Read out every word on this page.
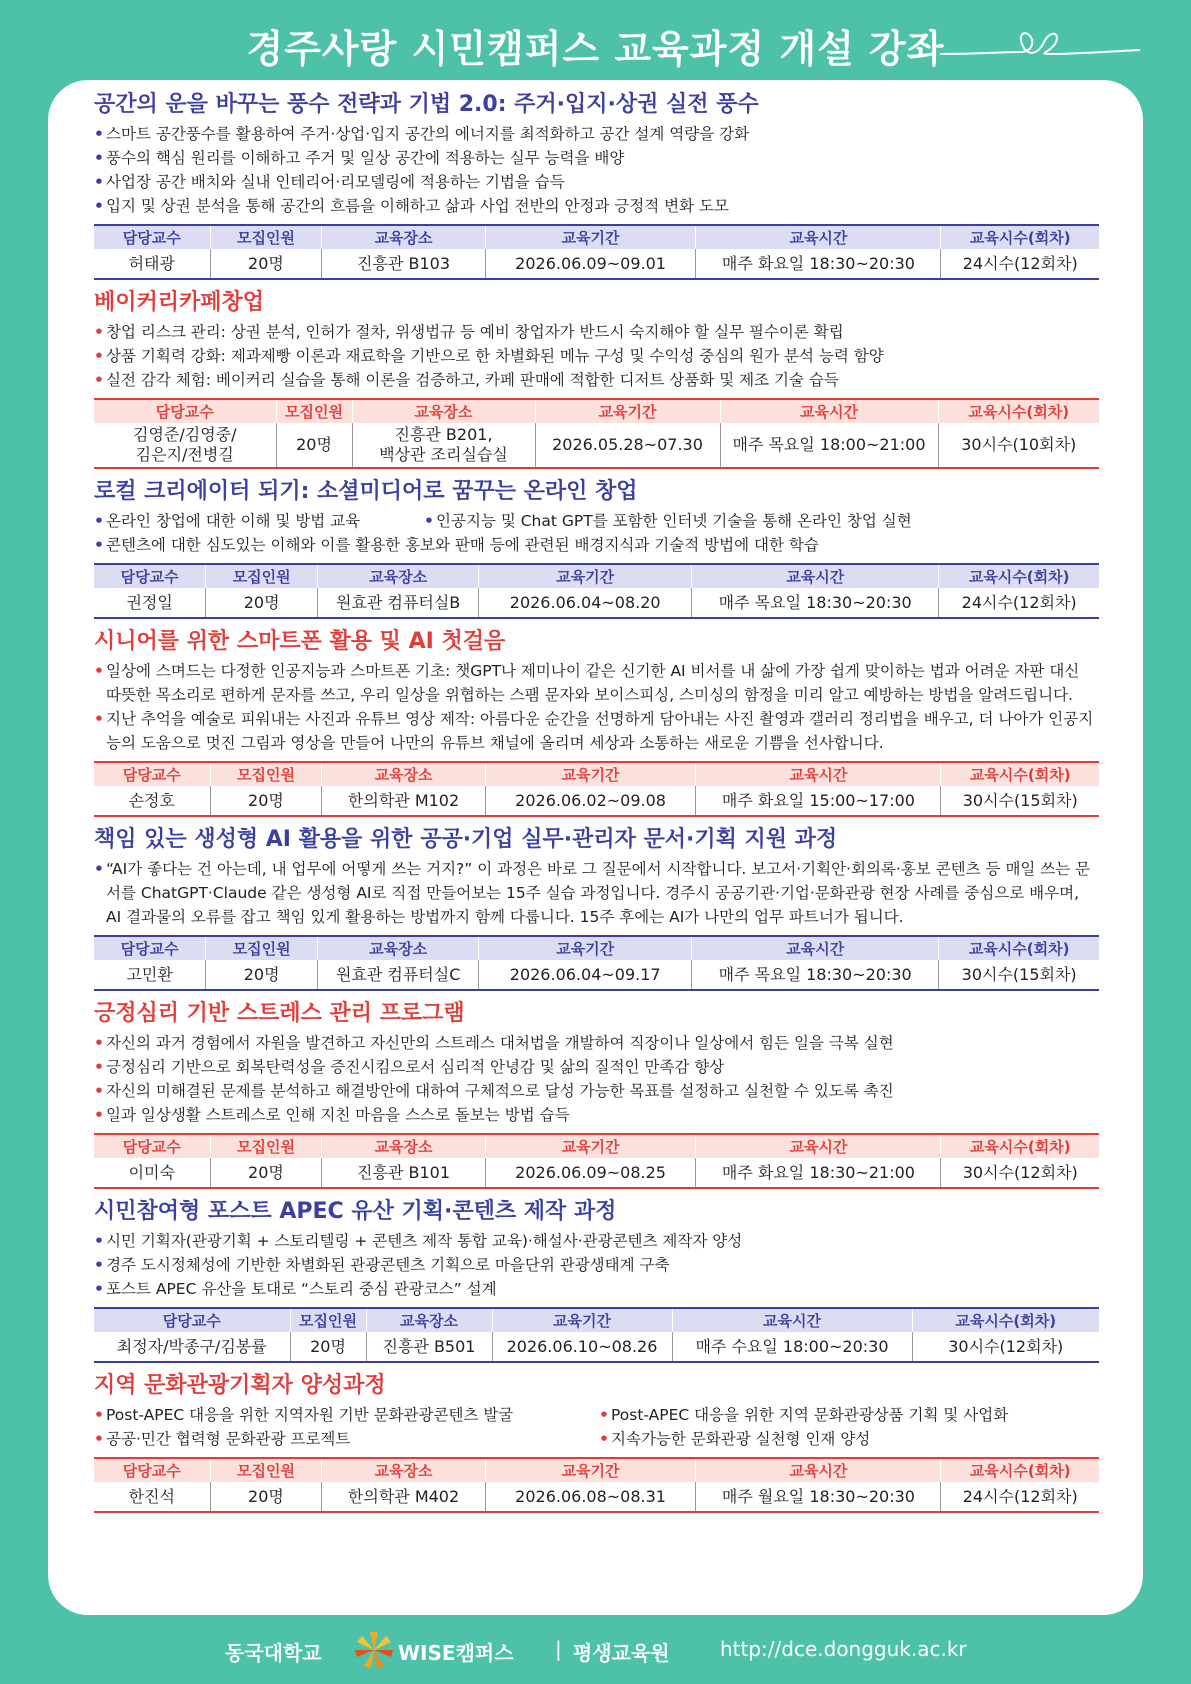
경주사랑 시민캠퍼스 교육과정 개설 강좌
공간의 운을 바꾸는 풍수 전략과 기법 2.0: 주거·입지·상권 실전 풍수
• 스마트 공간풍수를 활용하여 주거·상업·입지 공간의 에너지를 최적화하고 공간 설계 역량을 강화
• 풍수의 핵심 원리를 이해하고 주거 및 일상 공간에 적용하는 실무 능력을 배양
• 사업장 공간 배치와 실내 인테리어·리모델링에 적용하는 기법을 습득
• 입지 및 상권 분석을 통해 공간의 흐름을 이해하고 삶과 사업 전반의 안정과 긍정적 변화 도모
담당교수	모집인원	교육장소	교육기간	교육시간	교육시수(회차)
허태광	20명	진흥관 B103	2026.06.09~09.01	매주 화요일 18:30~20:30	24시수(12회차)
베이커리카페창업
• 창업 리스크 관리: 상권 분석, 인허가 절차, 위생법규 등 예비 창업자가 반드시 숙지해야 할 실무 필수이론 확립
• 상품 기획력 강화: 제과제빵 이론과 재료학을 기반으로 한 차별화된 메뉴 구성 및 수익성 중심의 원가 분석 능력 함양
• 실전 감각 체험: 베이커리 실습을 통해 이론을 검증하고, 카페 판매에 적합한 디저트 상품화 및 제조 기술 습득
담당교수	모집인원	교육장소	교육기간	교육시간	교육시수(회차)
김영준/김영중/
김은지/전병길	20명	진흥관 B201,
백상관 조리실습실	2026.05.28~07.30	매주 목요일 18:00~21:00	30시수(10회차)
로컬 크리에이터 되기: 소셜미디어로 꿈꾸는 온라인 창업
• 온라인 창업에 대한 이해 및 방법 교육	• 인공지능 및 Chat GPT를 포함한 인터넷 기술을 통해 온라인 창업 실현
• 콘텐츠에 대한 심도있는 이해와 이를 활용한 홍보와 판매 등에 관련된 배경지식과 기술적 방법에 대한 학습
담당교수	모집인원	교육장소	교육기간	교육시간	교육시수(회차)
권정일	20명	원효관 컴퓨터실B	2026.06.04~08.20	매주 목요일 18:30~20:30	24시수(12회차)
시니어를 위한 스마트폰 활용 및 AI 첫걸음
• 일상에 스며드는 다정한 인공지능과 스마트폰 기초: 챗GPT나 제미나이 같은 신기한 AI 비서를 내 삶에 가장 쉽게 맞이하는 법과 어려운 자판 대신 따뜻한 목소리로 편하게 문자를 쓰고, 우리 일상을 위협하는 스팸 문자와 보이스피싱, 스미싱의 함정을 미리 알고 예방하는 방법을 알려드립니다.
• 지난 추억을 예술로 피워내는 사진과 유튜브 영상 제작: 아름다운 순간을 선명하게 담아내는 사진 촬영과 갤러리 정리법을 배우고, 더 나아가 인공지능의 도움으로 멋진 그림과 영상을 만들어 나만의 유튜브 채널에 올리며 세상과 소통하는 새로운 기쁨을 선사합니다.
담당교수	모집인원	교육장소	교육기간	교육시간	교육시수(회차)
손정호	20명	한의학관 M102	2026.06.02~09.08	매주 화요일 15:00~17:00	30시수(15회차)
책임 있는 생성형 AI 활용을 위한 공공·기업 실무·관리자 문서·기획 지원 과정
• “AI가 좋다는 건 아는데, 내 업무에 어떻게 쓰는 거지?” 이 과정은 바로 그 질문에서 시작합니다. 보고서·기획안·회의록·홍보 콘텐츠 등 매일 쓰는 문서를 ChatGPT·Claude 같은 생성형 AI로 직접 만들어보는 15주 실습 과정입니다. 경주시 공공기관·기업·문화관광 현장 사례를 중심으로 배우며, AI 결과물의 오류를 잡고 책임 있게 활용하는 방법까지 함께 다룹니다. 15주 후에는 AI가 나만의 업무 파트너가 됩니다.
담당교수	모집인원	교육장소	교육기간	교육시간	교육시수(회차)
고민환	20명	원효관 컴퓨터실C	2026.06.04~09.17	매주 목요일 18:30~20:30	30시수(15회차)
긍정심리 기반 스트레스 관리 프로그램
• 자신의 과거 경험에서 자원을 발견하고 자신만의 스트레스 대처법을 개발하여 직장이나 일상에서 힘든 일을 극복 실현
• 긍정심리 기반으로 회복탄력성을 증진시킴으로서 심리적 안녕감 및 삶의 질적인 만족감 향상
• 자신의 미해결된 문제를 분석하고 해결방안에 대하여 구체적으로 달성 가능한 목표를 설정하고 실천할 수 있도록 촉진
• 일과 일상생활 스트레스로 인해 지친 마음을 스스로 돌보는 방법 습득
담당교수	모집인원	교육장소	교육기간	교육시간	교육시수(회차)
이미숙	20명	진흥관 B101	2026.06.09~08.25	매주 화요일 18:30~21:00	30시수(12회차)
시민참여형 포스트 APEC 유산 기획·콘텐츠 제작 과정
• 시민 기획자(관광기획 + 스토리텔링 + 콘텐츠 제작 통합 교육)·해설사·관광콘텐츠 제작자 양성
• 경주 도시정체성에 기반한 차별화된 관광콘텐츠 기획으로 마을단위 관광생태계 구축
• 포스트 APEC 유산을 토대로 “스토리 중심 관광코스” 설계
담당교수	모집인원	교육장소	교육기간	교육시간	교육시수(회차)
최정자/박종구/김봉률	20명	진흥관 B501	2026.06.10~08.26	매주 수요일 18:00~20:30	30시수(12회차)
지역 문화관광기획자 양성과정
• Post-APEC 대응을 위한 지역자원 기반 문화관광콘텐츠 발굴	• Post-APEC 대응을 위한 지역 문화관광상품 기획 및 사업화
• 공공·민간 협력형 문화관광 프로젝트	• 지속가능한 문화관광 실천형 인재 양성
담당교수	모집인원	교육장소	교육기간	교육시간	교육시수(회차)
한진석	20명	한의학관 M402	2026.06.08~08.31	매주 월요일 18:30~20:30	24시수(12회차)
동국대학교	WISE캠퍼스 | 평생교육원	http://dce.dongguk.ac.kr
